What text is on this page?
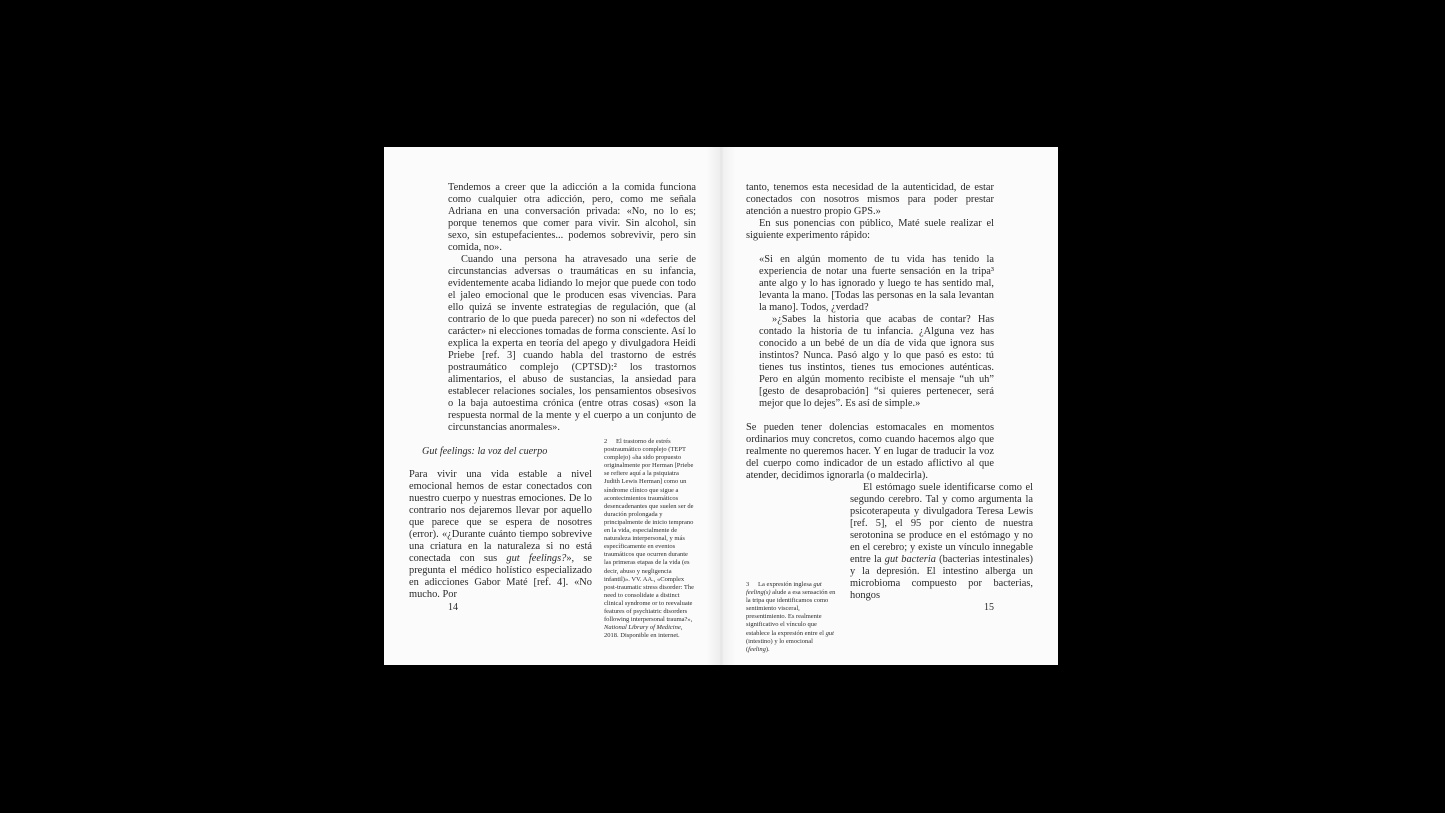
Tendemos a creer que la adicción a la comida funciona como cualquier otra adicción, pero, como me señala Adriana en una conversación privada: «No, no lo es; porque tenemos que comer para vivir. Sin alcohol, sin sexo, sin estupefacientes... podemos sobrevivir, pero sin comida, no».

Cuando una persona ha atravesado una serie de circunstancias adversas o traumáticas en su infancia, evidentemente acaba lidiando lo mejor que puede con todo el jaleo emocional que le producen esas vivencias. Para ello quizá se invente estrategias de regulación, que (al contrario de lo que pueda parecer) no son ni «defectos del carácter» ni elecciones tomadas de forma consciente. Así lo explica la experta en teoría del apego y divulgadora Heidi Priebe [ref. 3] cuando habla del trastorno de estrés postraumático complejo (CPTSD):² los trastornos alimentarios, el abuso de sustancias, la ansiedad para establecer relaciones sociales, los pensamientos obsesivos o la baja autoestima crónica (entre otras cosas) «son la respuesta normal de la mente y el cuerpo a un conjunto de circunstancias anormales».

Gut feelings: la voz del cuerpo

Para vivir una vida estable a nivel emocional hemos de estar conectados con nuestro cuerpo y nuestras emociones. De lo contrario nos dejaremos llevar por aquello que parece que se espera de nosotres (error). «¿Durante cuánto tiempo sobrevive una criatura en la naturaleza si no está conectada con sus gut feelings?», se pregunta el médico holístico especializado en adicciones Gabor Maté [ref. 4]. «No mucho. Por

2 El trastorno de estrés postraumático complejo (TEPT complejo) «ha sido propuesto originalmente por Herman [Priebe se refiere aquí a la psiquiatra Judith Lewis Herman] como un síndrome clínico que sigue a acontecimientos traumáticos desencadenantes que suelen ser de duración prolongada y principalmente de inicio temprano en la vida, especialmente de naturaleza interpersonal, y más específicamente en eventos traumáticos que ocurren durante las primeras etapas de la vida (es decir, abuso y negligencia infantil)». VV. AA., «Complex post-traumatic stress disorder: The need to consolidate a distinct clinical syndrome or to reevaluate features of psychiatric disorders following interpersonal trauma?», National Library of Medicine, 2018. Disponible en internet.

14

tanto, tenemos esta necesidad de la autenticidad, de estar conectados con nosotros mismos para poder prestar atención a nuestro propio GPS.»

En sus ponencias con público, Maté suele realizar el siguiente experimento rápido:

«Si en algún momento de tu vida has tenido la experiencia de notar una fuerte sensación en la tripa³ ante algo y lo has ignorado y luego te has sentido mal, levanta la mano. [Todas las personas en la sala levantan la mano]. Todos, ¿verdad?

»¿Sabes la historia que acabas de contar? Has contado la historia de tu infancia. ¿Alguna vez has conocido a un bebé de un día de vida que ignora sus instintos? Nunca. Pasó algo y lo que pasó es esto: tú tienes tus instintos, tienes tus emociones auténticas. Pero en algún momento recibiste el mensaje “uh uh” [gesto de desaprobación] “si quieres pertenecer, será mejor que lo dejes”. Es así de simple.»

Se pueden tener dolencias estomacales en momentos ordinarios muy concretos, como cuando hacemos algo que realmente no queremos hacer. Y en lugar de traducir la voz del cuerpo como indicador de un estado aflictivo al que atender, decidimos ignorarla (o maldecirla).

El estómago suele identificarse como el segundo cerebro. Tal y como argumenta la psicoterapeuta y divulgadora Teresa Lewis [ref. 5], el 95 por ciento de nuestra serotonina se produce en el estómago y no en el cerebro; y existe un vínculo innegable entre la gut bacteria (bacterias intestinales) y la depresión. El intestino alberga un microbioma compuesto por bacterias, hongos

3 La expresión inglesa gut feeling(s) alude a esa sensación en la tripa que identificamos como sentimiento visceral, presentimiento. Es realmente significativo el vínculo que establece la expresión entre el gut (intestino) y lo emocional (feeling).

15
